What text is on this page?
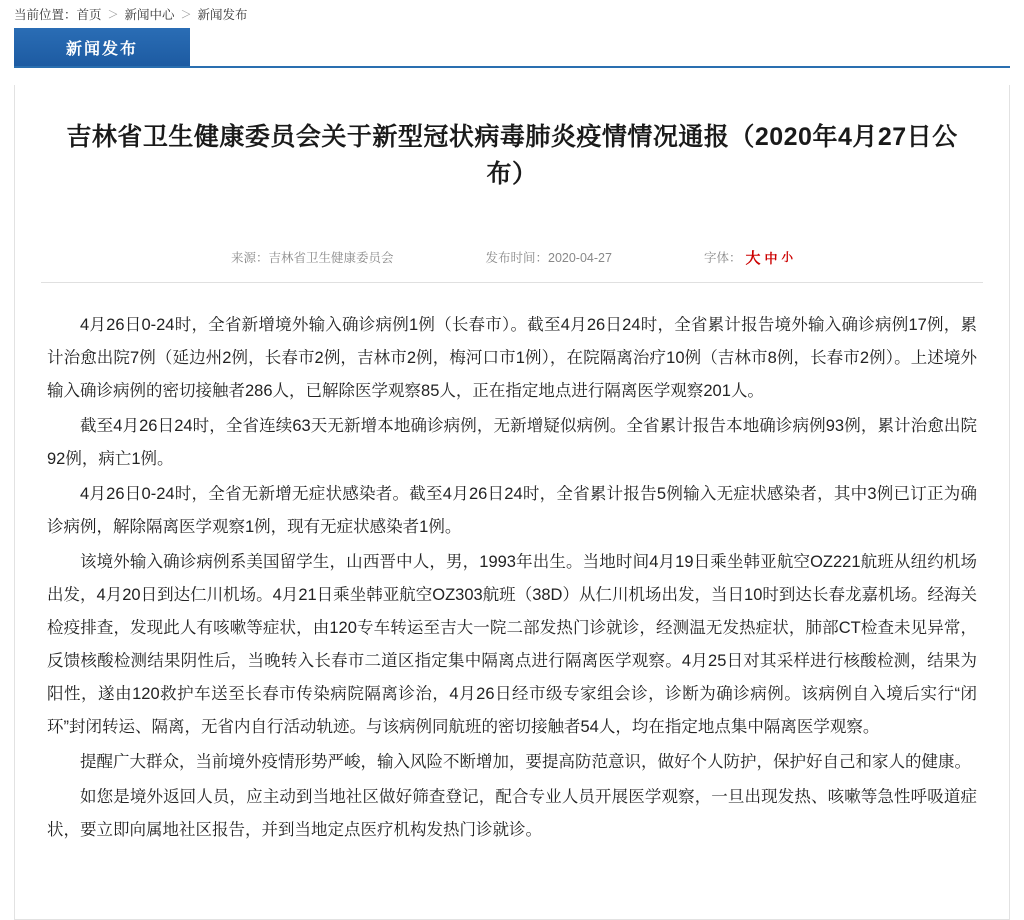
当前位置： 首页 ＞ 新闻中心 ＞ 新闻发布
新闻发布
吉林省卫生健康委员会关于新型冠状病毒肺炎疫情情况通报（2020年4月27日公布）
来源：吉林省卫生健康委员会	发布时间：2020-04-27	字体： 大 中 小

4月26日0-24时，全省新增境外输入确诊病例1例（长春市）。截至4月26日24时，全省累计报告境外输入确诊病例17例，累计治愈出院7例（延边州2例，长春市2例，吉林市2例，梅河口市1例），在院隔离治疗10例（吉林市8例，长春市2例）。上述境外输入确诊病例的密切接触者286人，已解除医学观察85人，正在指定地点进行隔离医学观察201人。

截至4月26日24时，全省连续63天无新增本地确诊病例，无新增疑似病例。全省累计报告本地确诊病例93例，累计治愈出院92例，病亡1例。

4月26日0-24时，全省无新增无症状感染者。截至4月26日24时，全省累计报告5例输入无症状感染者，其中3例已订正为确诊病例，解除隔离医学观察1例，现有无症状感染者1例。

该境外输入确诊病例系美国留学生，山西晋中人，男，1993年出生。当地时间4月19日乘坐韩亚航空OZ221航班从纽约机场出发，4月20日到达仁川机场。4月21日乘坐韩亚航空OZ303航班（38D）从仁川机场出发，当日10时到达长春龙嘉机场。经海关检疫排查，发现此人有咳嗽等症状，由120专车转运至吉大一院二部发热门诊就诊，经测温无发热症状，肺部CT检查未见异常，反馈核酸检测结果阴性后，当晚转入长春市二道区指定集中隔离点进行隔离医学观察。4月25日对其采样进行核酸检测，结果为阳性，遂由120救护车送至长春市传染病院隔离诊治，4月26日经市级专家组会诊，诊断为确诊病例。该病例自入境后实行“闭环”封闭转运、隔离，无省内自行活动轨迹。与该病例同航班的密切接触者54人，均在指定地点集中隔离医学观察。

提醒广大群众，当前境外疫情形势严峻，输入风险不断增加，要提高防范意识，做好个人防护，保护好自己和家人的健康。

如您是境外返回人员，应主动到当地社区做好筛查登记，配合专业人员开展医学观察，一旦出现发热、咳嗽等急性呼吸道症状，要立即向属地社区报告，并到当地定点医疗机构发热门诊就诊。
